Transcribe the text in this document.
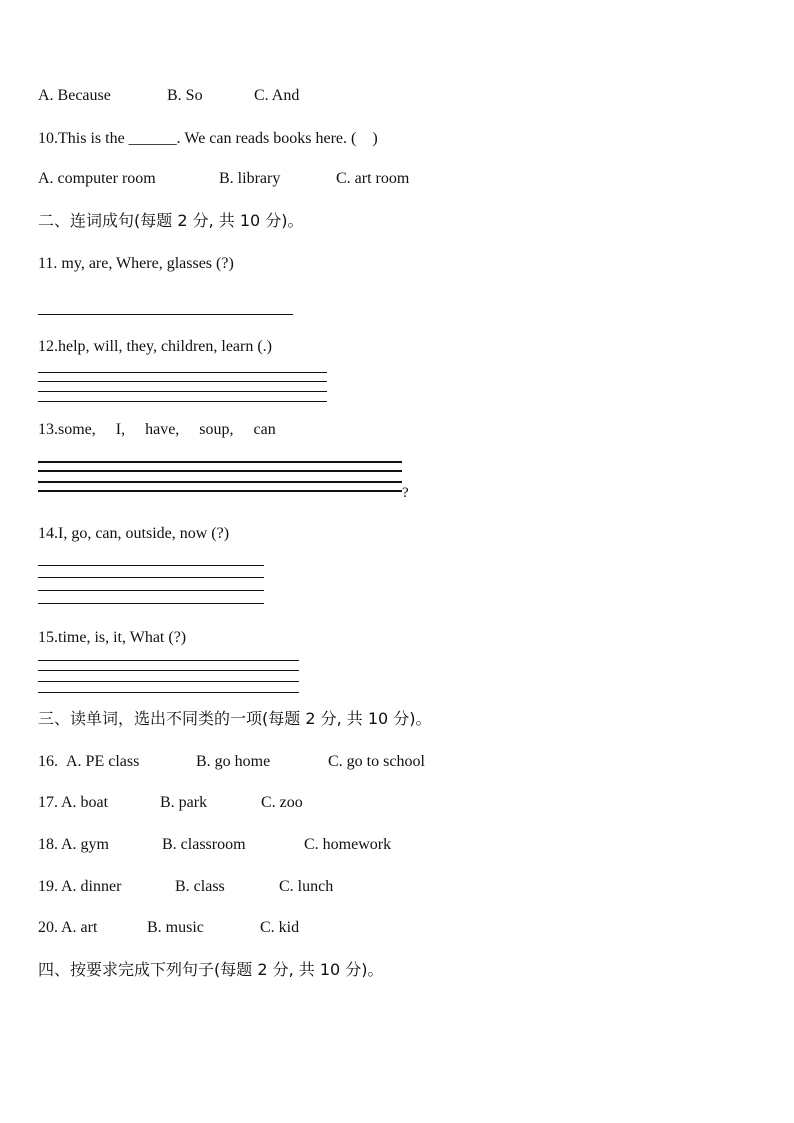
A. Because	B. So	C. And
10.This is the ______. We can reads books here. (    )
A. computer room	B. library	C. art room
二、连词成句(每题 2 分, 共 10 分)。
11. my, are, Where, glasses (?)
12.help, will, they, children, learn (.)
13.some,     I,     have,     soup,     can
?
14.I, go, can, outside, now (?)
15.time, is, it, What (?)
三、读单词，选出不同类的一项(每题 2 分, 共 10 分)。
16. A. PE class	B. go home	C. go to school
17. A. boat	B. park	C. zoo
18. A. gym	B. classroom	C. homework
19. A. dinner	B. class	C. lunch
20. A. art	B. music	C. kid
四、按要求完成下列句子(每题 2 分, 共 10 分)。
